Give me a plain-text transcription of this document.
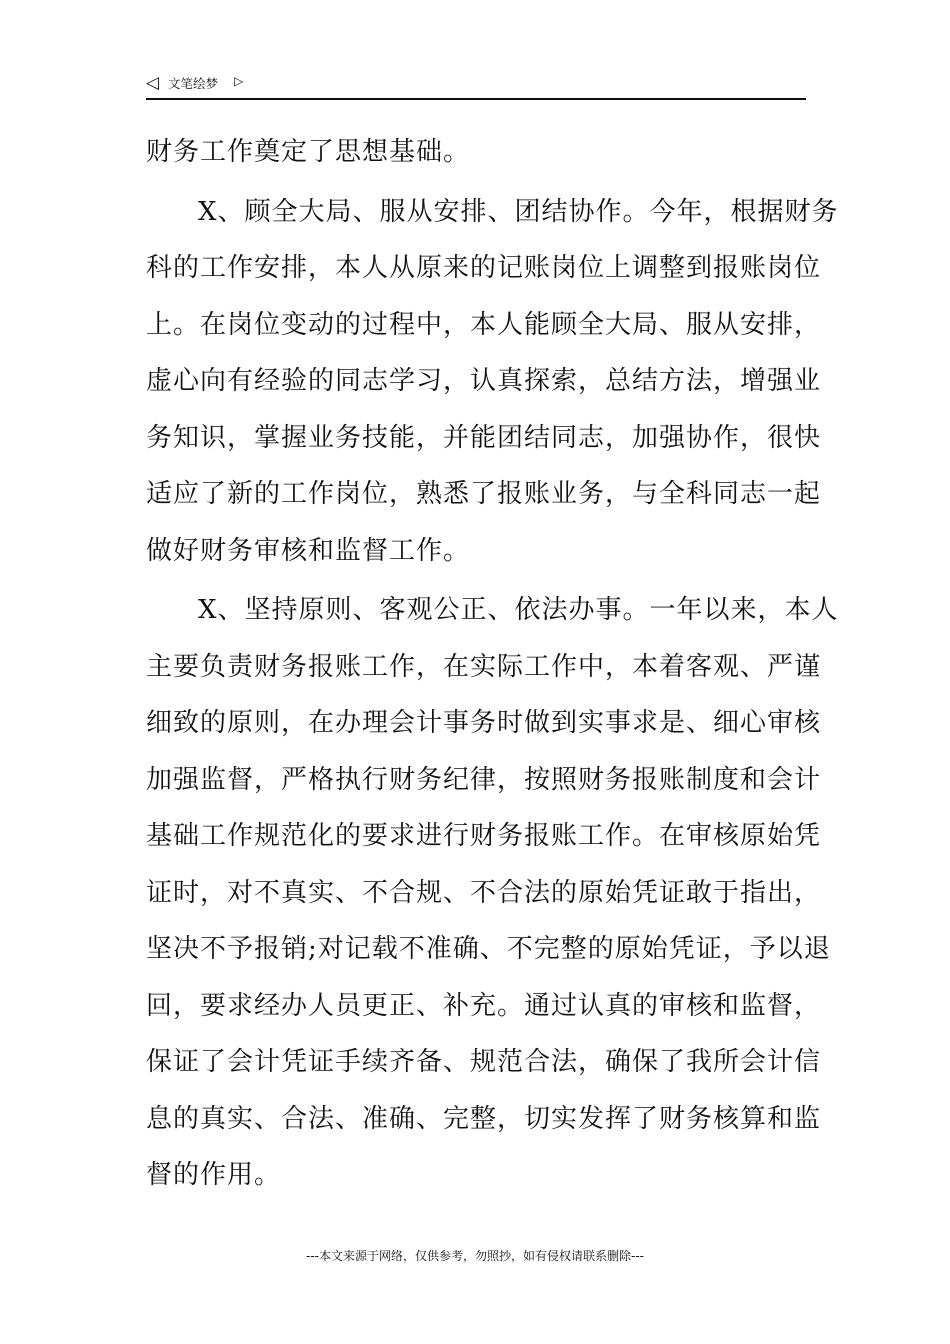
◁ 文笔绘梦 ▷
财务工作奠定了思想基础。
X、顾全大局、服从安排、团结协作。今年，根据财务
科的工作安排，本人从原来的记账岗位上调整到报账岗位
上。在岗位变动的过程中，本人能顾全大局、服从安排，
虚心向有经验的同志学习，认真探索，总结方法，增强业
务知识，掌握业务技能，并能团结同志，加强协作，很快
适应了新的工作岗位，熟悉了报账业务，与全科同志一起
做好财务审核和监督工作。
X、坚持原则、客观公正、依法办事。一年以来，本人
主要负责财务报账工作，在实际工作中，本着客观、严谨
细致的原则，在办理会计事务时做到实事求是、细心审核
加强监督，严格执行财务纪律，按照财务报账制度和会计
基础工作规范化的要求进行财务报账工作。在审核原始凭
证时，对不真实、不合规、不合法的原始凭证敢于指出，
坚决不予报销;对记载不准确、不完整的原始凭证，予以退
回，要求经办人员更正、补充。通过认真的审核和监督，
保证了会计凭证手续齐备、规范合法，确保了我所会计信
息的真实、合法、准确、完整，切实发挥了财务核算和监
督的作用。
---本文来源于网络，仅供参考，勿照抄，如有侵权请联系删除---
